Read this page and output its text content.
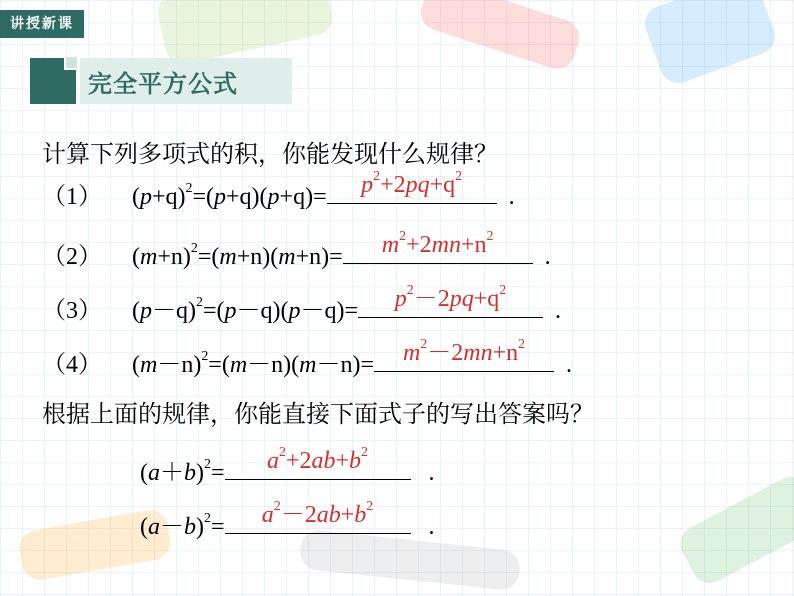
讲授新课
完全平方公式
计算下列多项式的积，你能发现什么规律？
（1） $(p+q)^2=(p+q)(p+q)=$	$p^2+2pq+q^2$
.
（2） $(m+n)^2=(m+n)(m+n)=$	$m^2+2mn+n^2$
.
（3） $(p-q)^2=(p-q)(p-q)=$	$p^2-2pq+q^2$
.
（4） $(m-n)^2=(m-n)(m-n)=$	$m^2-2mn+n^2$
.
根据上面的规律，你能直接下面式子的写出答案吗？
$(a+b)^2=$	$a^2+2ab+b^2$
.
$(a-b)^2=$	$a^2-2ab+b^2$
.
